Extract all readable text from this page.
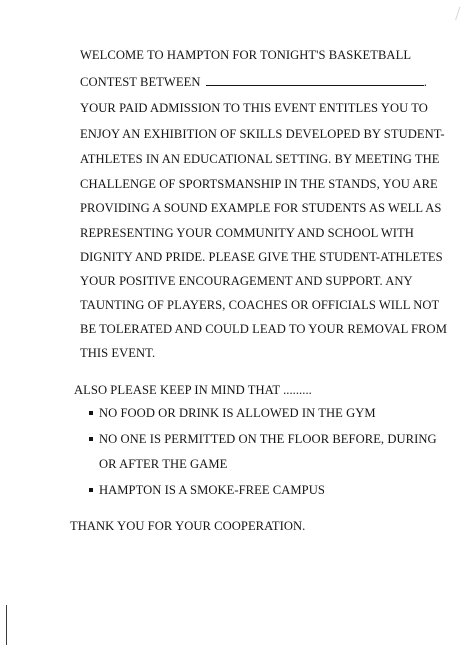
WELCOME TO HAMPTON FOR TONIGHT'S BASKETBALL
CONTEST BETWEEN	.
YOUR PAID ADMISSION TO THIS EVENT ENTITLES YOU TO
ENJOY AN EXHIBITION OF SKILLS DEVELOPED BY STUDENT-
ATHLETES IN AN EDUCATIONAL SETTING. BY MEETING THE
CHALLENGE OF SPORTSMANSHIP IN THE STANDS, YOU ARE
PROVIDING A SOUND EXAMPLE FOR STUDENTS AS WELL AS
REPRESENTING YOUR COMMUNITY AND SCHOOL WITH
DIGNITY AND PRIDE. PLEASE GIVE THE STUDENT-ATHLETES
YOUR POSITIVE ENCOURAGEMENT AND SUPPORT. ANY
TAUNTING OF PLAYERS, COACHES OR OFFICIALS WILL NOT
BE TOLERATED AND COULD LEAD TO YOUR REMOVAL FROM
THIS EVENT.
ALSO PLEASE KEEP IN MIND THAT .........
NO FOOD OR DRINK IS ALLOWED IN THE GYM
NO ONE IS PERMITTED ON THE FLOOR BEFORE, DURING
OR AFTER THE GAME
HAMPTON IS A SMOKE-FREE CAMPUS
THANK YOU FOR YOUR COOPERATION.
